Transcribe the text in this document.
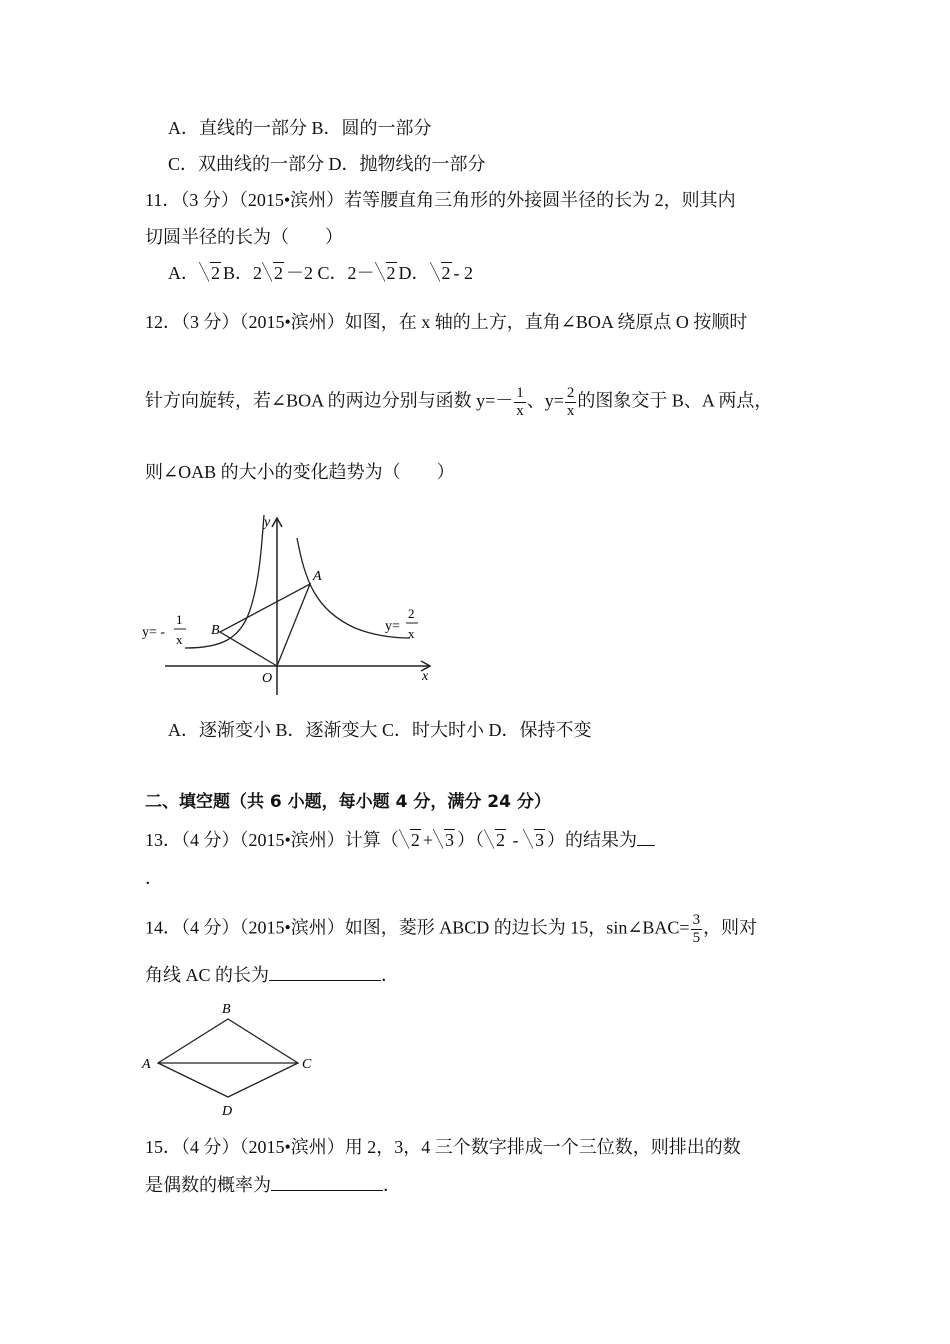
A．直线的一部分 B．圆的一部分
C．双曲线的一部分 D．抛物线的一部分
11．（3 分）（2015•滨州）若等腰直角三角形的外接圆半径的长为 2，则其内
切圆半径的长为（　　）
A． 2 B．2 2 －2 C．2－ 2 D． 2 - 2
12．（3 分）（2015•滨州）如图，在 x 轴的上方，直角∠BOA 绕原点 O 按顺时
针方向旋转，若∠BOA 的两边分别与函数 $y=- \frac{1}{x}$ 、$y= \frac{2}{x}$ 的图象交于 B、A 两点，
则∠OAB 的大小的变化趋势为（　　）
y
x
O
A
B
y= -
1
x
y=
2
x
A．逐渐变小 B．逐渐变大 C．时大时小 D．保持不变
二、填空题（共 6 小题，每小题 4 分，满分 24 分）
13．（4 分）（2015•滨州）计算（ 2 + 3 ）（ 2 - 3 ）的结果为
．
14．（4 分）（2015•滨州）如图，菱形 ABCD 的边长为 15，sin∠BAC= $\frac{3}{5}$ ，则对
角线 AC 的长为	．
A
B
C
D
15．（4 分）（2015•滨州）用 2，3，4 三个数字排成一个三位数，则排出的数
是偶数的概率为	．
